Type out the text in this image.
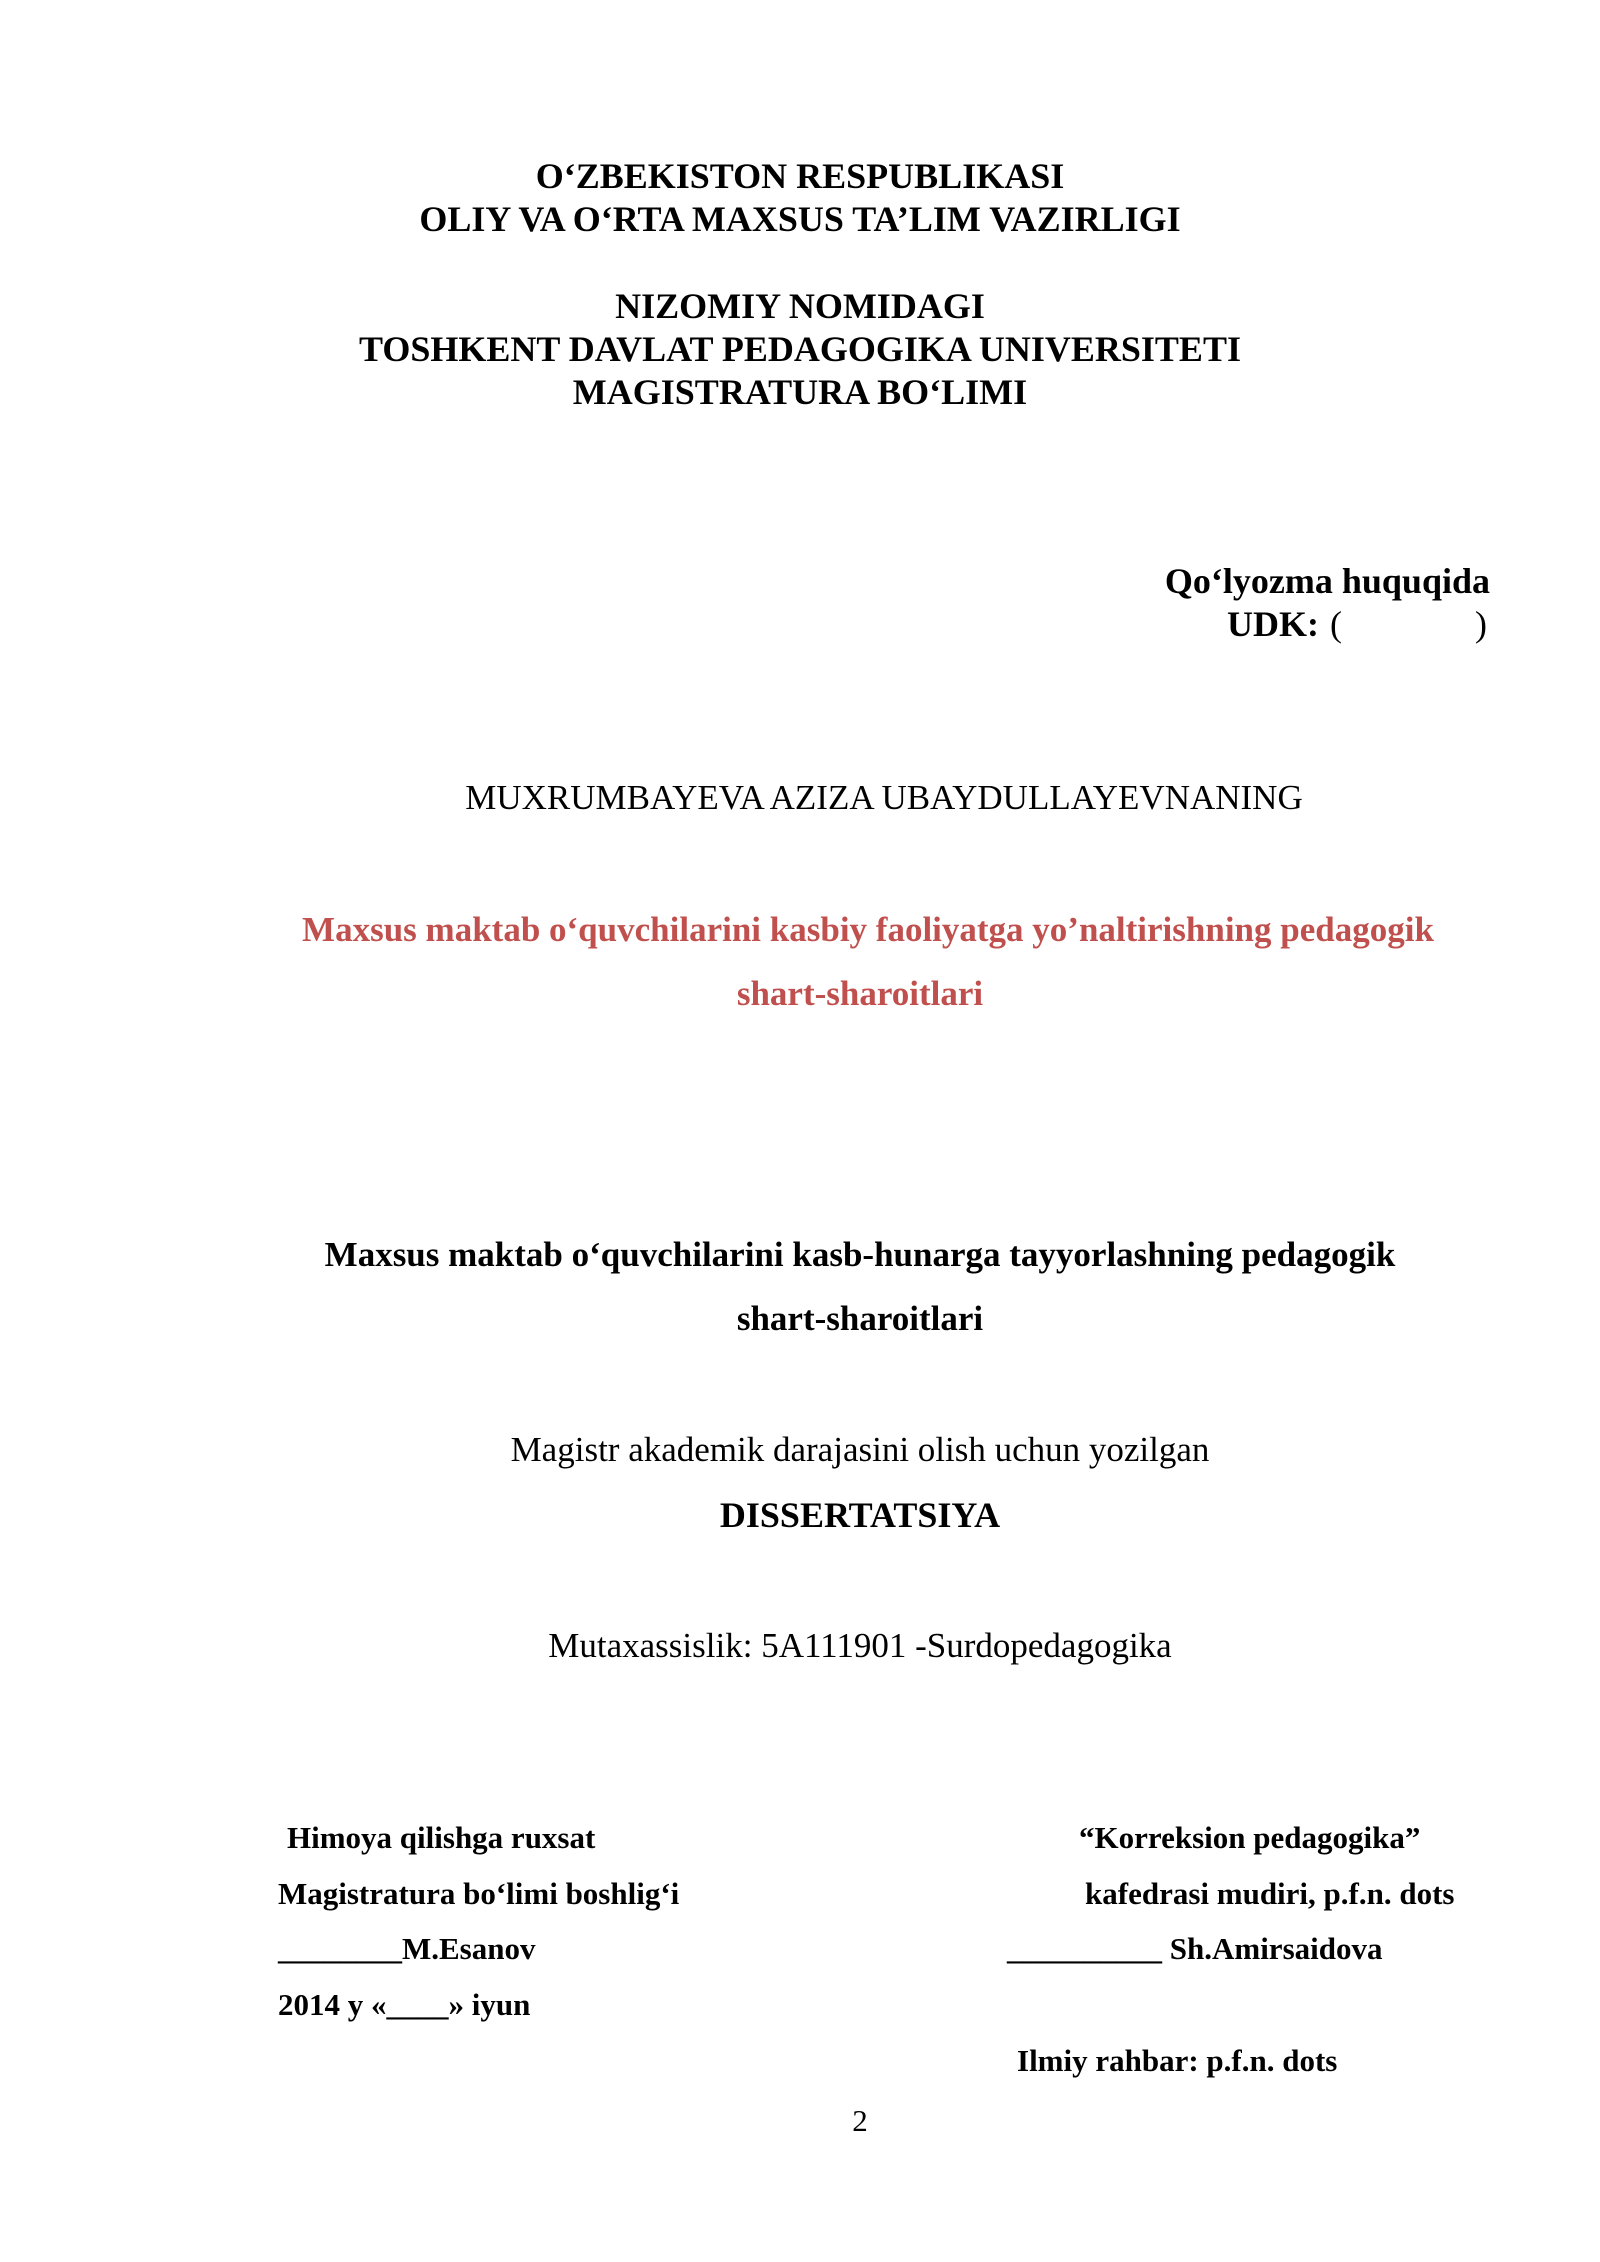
O‘ZBEKISTON RESPUBLIKASI
OLIY VA O‘RTA MAXSUS TA’LIM VAZIRLIGI
NIZOMIY NOMIDAGI
TOSHKENT DAVLAT PEDAGOGIKA UNIVERSITETI
MAGISTRATURA BO‘LIMI
Qo‘lyozma huquqida
UDK: (	)
MUXRUMBAYEVA AZIZA UBAYDULLAYEVNANING
Maxsus maktab o‘quvchilarini kasbiy faoliyatga yo’naltirishning pedagogik
shart-sharoitlari
Maxsus maktab o‘quvchilarini kasb-hunarga tayyorlashning pedagogik
shart-sharoitlari
Magistr akademik darajasini olish uchun yozilgan
DISSERTATSIYA
Mutaxassislik: 5A111901 -Surdopedagogika
Himoya qilishga ruxsat
Magistratura bo‘limi boshlig‘i
________M.Esanov
2014 y «____» iyun
“Korreksion pedagogika”
kafedrasi mudiri, p.f.n. dots
__________ Sh.Amirsaidova
Ilmiy rahbar: p.f.n. dots
2
